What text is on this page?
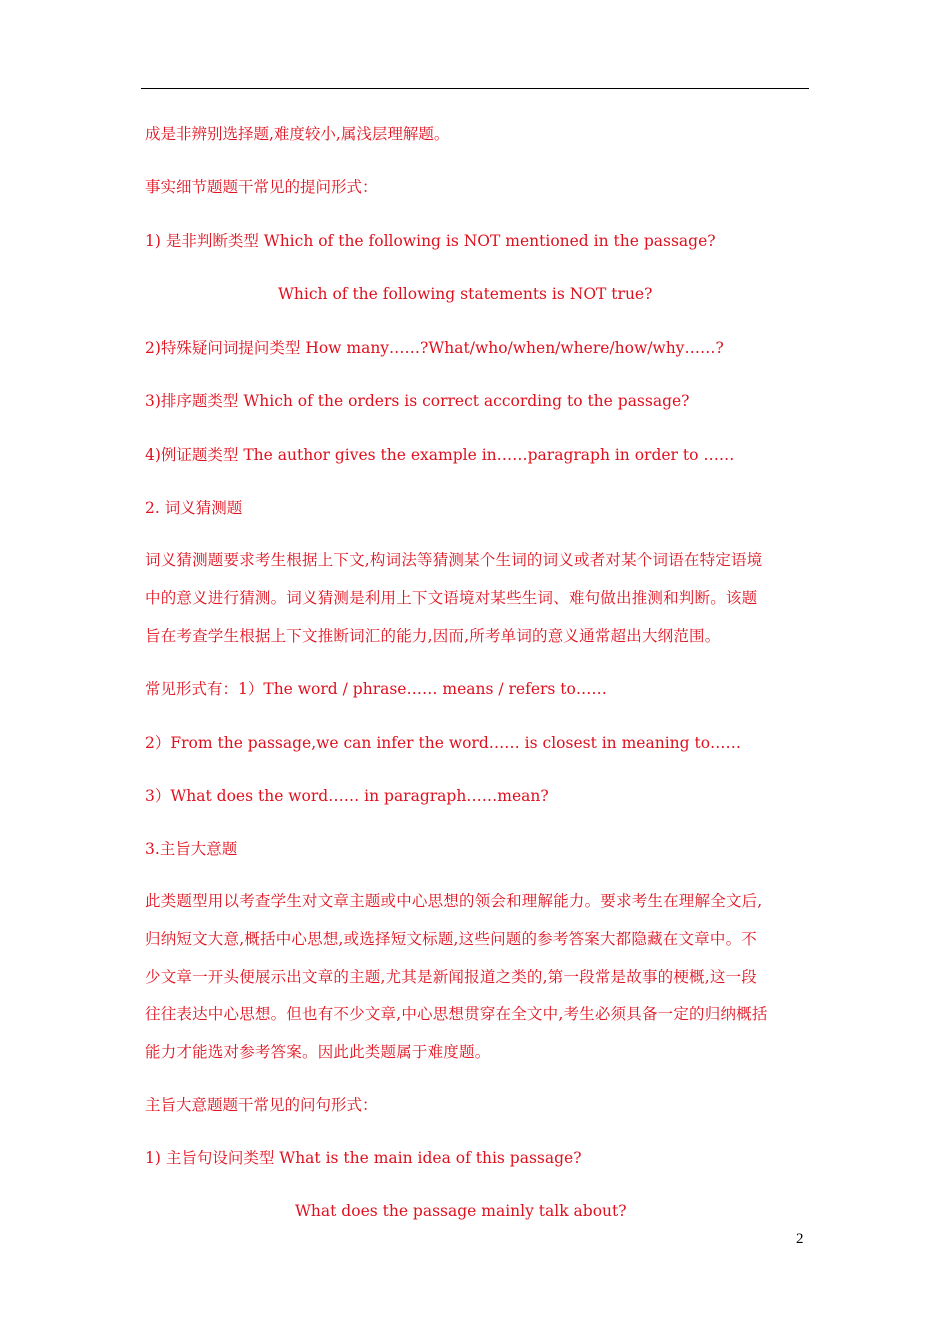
成是非辨别选择题,难度较小,属浅层理解题。
事实细节题题干常见的提问形式：
1) 是非判断类型 Which of the following is NOT mentioned in the passage?
Which of the following statements is NOT true?
2)特殊疑问词提问类型 How many……?What/who/when/where/how/why……?
3)排序题类型 Which of the orders is correct according to the passage?
4)例证题类型 The author gives the example in……paragraph in order to ……
2. 词义猜测题
词义猜测题要求考生根据上下文,构词法等猜测某个生词的词义或者对某个词语在特定语境
中的意义进行猜测。词义猜测是利用上下文语境对某些生词、难句做出推测和判断。该题
旨在考查学生根据上下文推断词汇的能力,因而,所考单词的意义通常超出大纲范围。
常见形式有：1）The word / phrase…… means / refers to……
2）From the passage,we can infer the word…… is closest in meaning to……
3）What does the word…… in paragraph……mean?
3.主旨大意题
此类题型用以考查学生对文章主题或中心思想的领会和理解能力。要求考生在理解全文后,
归纳短文大意,概括中心思想,或选择短文标题,这些问题的参考答案大都隐藏在文章中。不
少文章一开头便展示出文章的主题,尤其是新闻报道之类的,第一段常是故事的梗概,这一段
往往表达中心思想。但也有不少文章,中心思想贯穿在全文中,考生必须具备一定的归纳概括
能力才能选对参考答案。因此此类题属于难度题。
主旨大意题题干常见的问句形式：
1) 主旨句设问类型 What is the main idea of this passage?
What does the passage mainly talk about?
2
